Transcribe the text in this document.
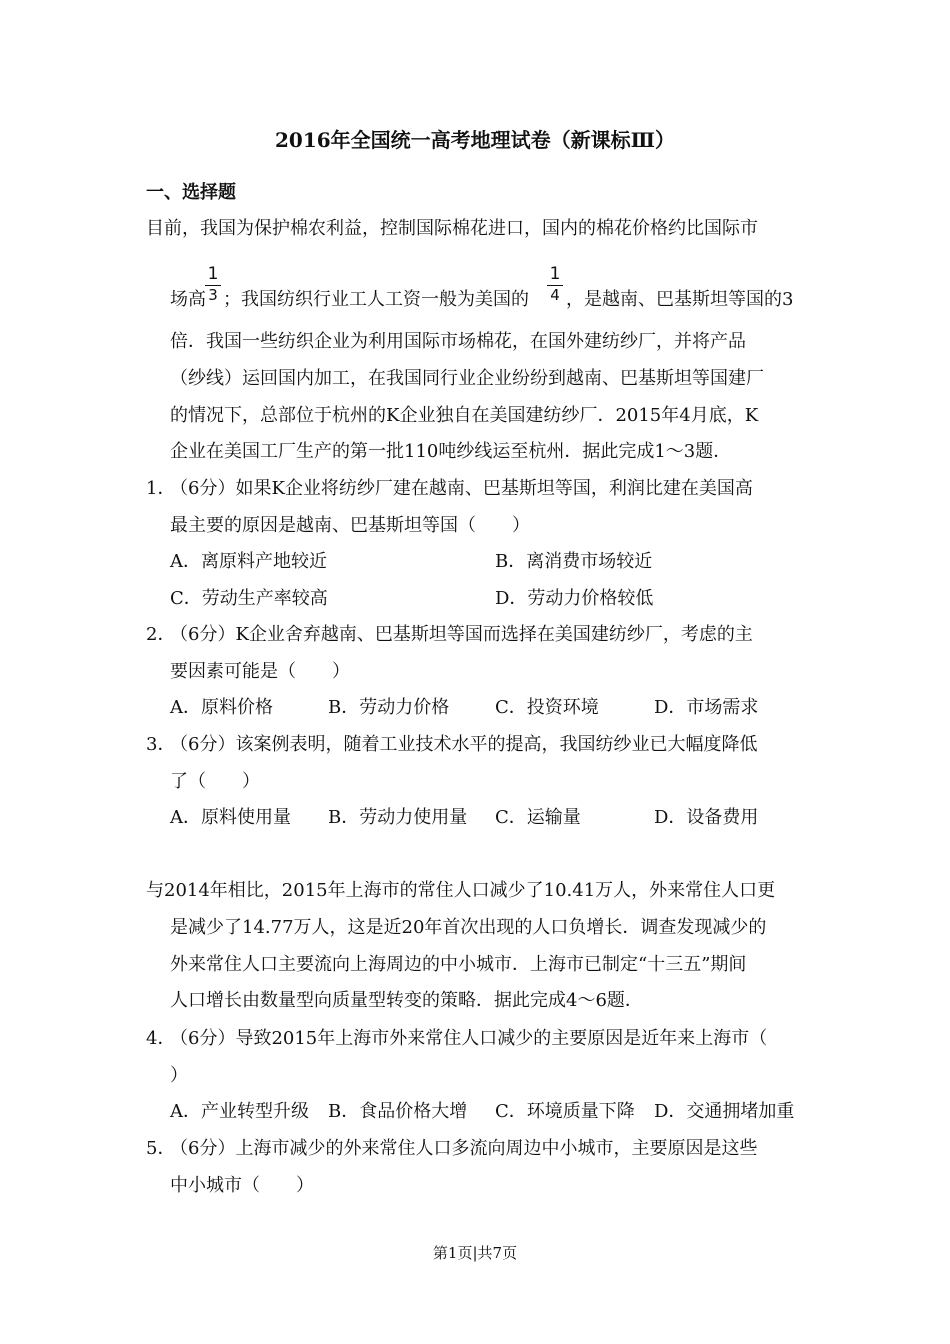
2016年全国统一高考地理试卷（新课标Ⅲ）
一、选择题
目前，我国为保护棉农利益，控制国际棉花进口，国内的棉花价格约比国际市
场高
1
3 ；我国纺织行业工人工资一般为美国的
1
4 ，是越南、巴基斯坦等国的3
倍．我国一些纺织企业为利用国际市场棉花，在国外建纺纱厂，并将产品
（纱线）运回国内加工，在我国同行业企业纷纷到越南、巴基斯坦等国建厂
的情况下，总部位于杭州的K企业独自在美国建纺纱厂．2015年4月底，K
企业在美国工厂生产的第一批110吨纱线运至杭州．据此完成1～3题．
1．
（6分）如果K企业将纺纱厂建在越南、巴基斯坦等国，利润比建在美国高
最主要的原因是越南、巴基斯坦等国（　　）
A．离原料产地较近	B．离消费市场较近
C．劳动生产率较高	D．劳动力价格较低
2．
（6分）K企业舍弃越南、巴基斯坦等国而选择在美国建纺纱厂，考虑的主
要因素可能是（　　）
A．原料价格	B．劳动力价格	C．投资环境	D．市场需求
3．
（6分）该案例表明，随着工业技术水平的提高，我国纺纱业已大幅度降低
了（　　）
A．原料使用量 B．劳动力使用量 C．运输量	D．设备费用
与2014年相比，2015年上海市的常住人口减少了10.41万人，外来常住人口更
是减少了14.77万人，这是近20年首次出现的人口负增长．调查发现减少的
外来常住人口主要流向上海周边的中小城市．上海市已制定“十三五”期间
人口增长由数量型向质量型转变的策略．据此完成4～6题．
4．
（6分）导致2015年上海市外来常住人口减少的主要原因是近年来上海市（
）
A．产业转型升级 B．食品价格大增 C．环境质量下降 D．交通拥堵加重
5．
（6分）上海市减少的外来常住人口多流向周边中小城市，主要原因是这些
中小城市（　　）
第1页|共7页
